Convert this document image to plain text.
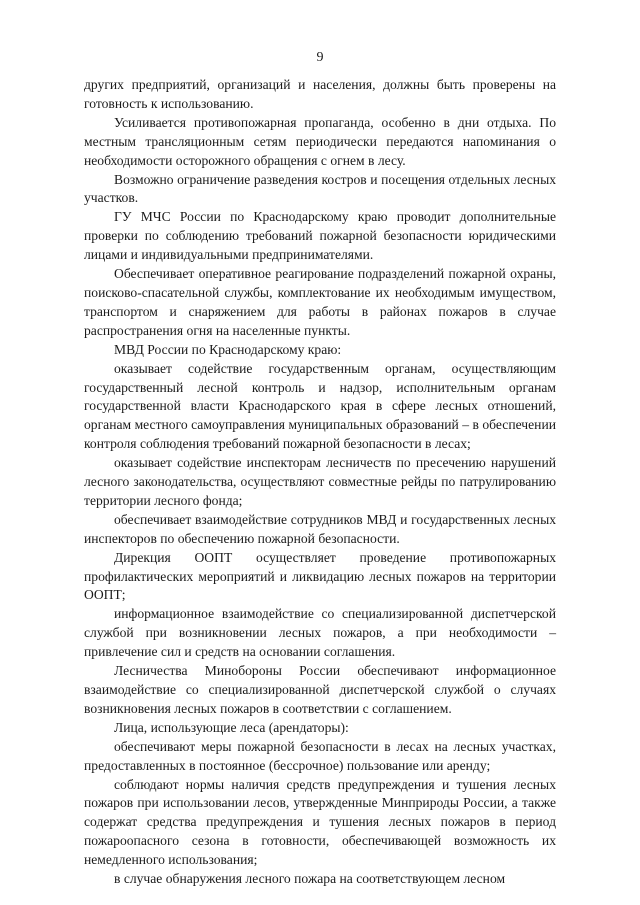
9

других предприятий, организаций и населения, должны быть проверены на готовность к использованию.

Усиливается противопожарная пропаганда, особенно в дни отдыха. По местным трансляционным сетям периодически передаются напоминания о необходимости осторожного обращения с огнем в лесу.

Возможно ограничение разведения костров и посещения отдельных лесных участков.

ГУ МЧС России по Краснодарскому краю проводит дополнительные проверки по соблюдению требований пожарной безопасности юридическими лицами и индивидуальными предпринимателями.

Обеспечивает оперативное реагирование подразделений пожарной охраны, поисково-спасательной службы, комплектование их необходимым имуществом, транспортом и снаряжением для работы в районах пожаров в случае распространения огня на населенные пункты.

МВД России по Краснодарскому краю:

оказывает содействие государственным органам, осуществляющим государственный лесной контроль и надзор, исполнительным органам государственной власти Краснодарского края в сфере лесных отношений, органам местного самоуправления муниципальных образований – в обеспечении контроля соблюдения требований пожарной безопасности в лесах;

оказывает содействие инспекторам лесничеств по пресечению нарушений лесного законодательства, осуществляют совместные рейды по патрулированию территории лесного фонда;

обеспечивает взаимодействие сотрудников МВД и государственных лесных инспекторов по обеспечению пожарной безопасности.

Дирекция ООПТ осуществляет проведение противопожарных профилактических мероприятий и ликвидацию лесных пожаров на территории ООПТ;

информационное взаимодействие со специализированной диспетчерской службой при возникновении лесных пожаров, а при необходимости – привлечение сил и средств на основании соглашения.

Лесничества Минобороны России обеспечивают информационное взаимодействие со специализированной диспетчерской службой о случаях возникновения лесных пожаров в соответствии с соглашением.

Лица, использующие леса (арендаторы):

обеспечивают меры пожарной безопасности в лесах на лесных участках, предоставленных в постоянное (бессрочное) пользование или аренду;

соблюдают нормы наличия средств предупреждения и тушения лесных пожаров при использовании лесов, утвержденные Минприроды России, а также содержат средства предупреждения и тушения лесных пожаров в период пожароопасного сезона в готовности, обеспечивающей возможность их немедленного использования;

в случае обнаружения лесного пожара на соответствующем лесном
